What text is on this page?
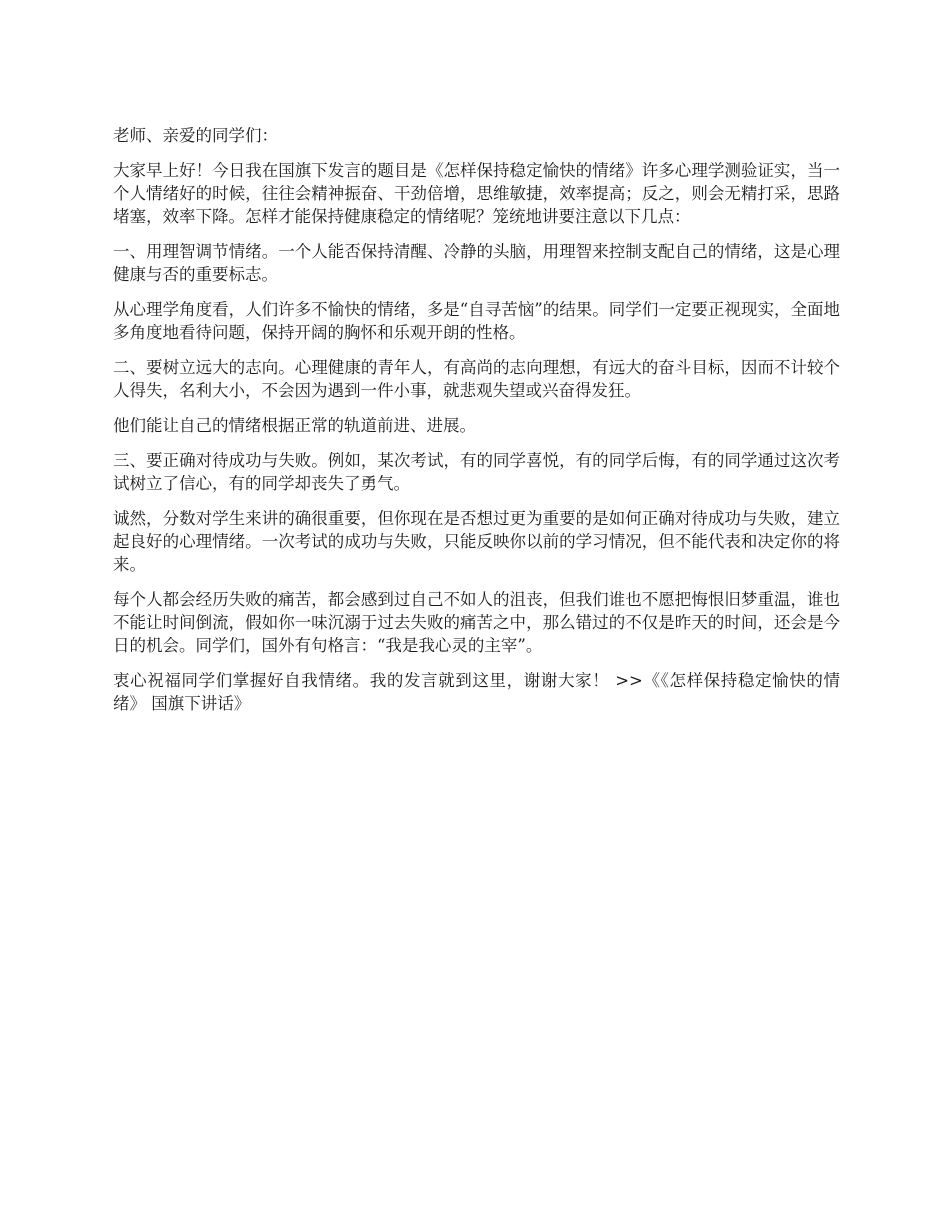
老师、亲爱的同学们：

大家早上好！今日我在国旗下发言的题目是《怎样保持稳定愉快的情绪》许多心理学测验证实，当一个人情绪好的时候，往往会精神振奋、干劲倍增，思维敏捷，效率提高；反之，则会无精打采，思路堵塞，效率下降。怎样才能保持健康稳定的情绪呢？笼统地讲要注意以下几点：

一、用理智调节情绪。一个人能否保持清醒、冷静的头脑，用理智来控制支配自己的情绪，这是心理健康与否的重要标志。

从心理学角度看，人们许多不愉快的情绪，多是“自寻苦恼”的结果。同学们一定要正视现实，全面地多角度地看待问题，保持开阔的胸怀和乐观开朗的性格。

二、要树立远大的志向。心理健康的青年人，有高尚的志向理想，有远大的奋斗目标，因而不计较个人得失，名利大小，不会因为遇到一件小事，就悲观失望或兴奋得发狂。

他们能让自己的情绪根据正常的轨道前进、进展。

三、要正确对待成功与失败。例如，某次考试，有的同学喜悦，有的同学后悔，有的同学通过这次考试树立了信心，有的同学却丧失了勇气。

诚然，分数对学生来讲的确很重要，但你现在是否想过更为重要的是如何正确对待成功与失败，建立起良好的心理情绪。一次考试的成功与失败，只能反映你以前的学习情况，但不能代表和决定你的将来。

每个人都会经历失败的痛苦，都会感到过自己不如人的沮丧，但我们谁也不愿把悔恨旧梦重温，谁也不能让时间倒流，假如你一味沉溺于过去失败的痛苦之中，那么错过的不仅是昨天的时间，还会是今日的机会。同学们，国外有句格言：“我是我心灵的主宰”。

衷心祝福同学们掌握好自我情绪。我的发言就到这里，谢谢大家！ >>《《怎样保持稳定愉快的情绪》 国旗下讲话》
